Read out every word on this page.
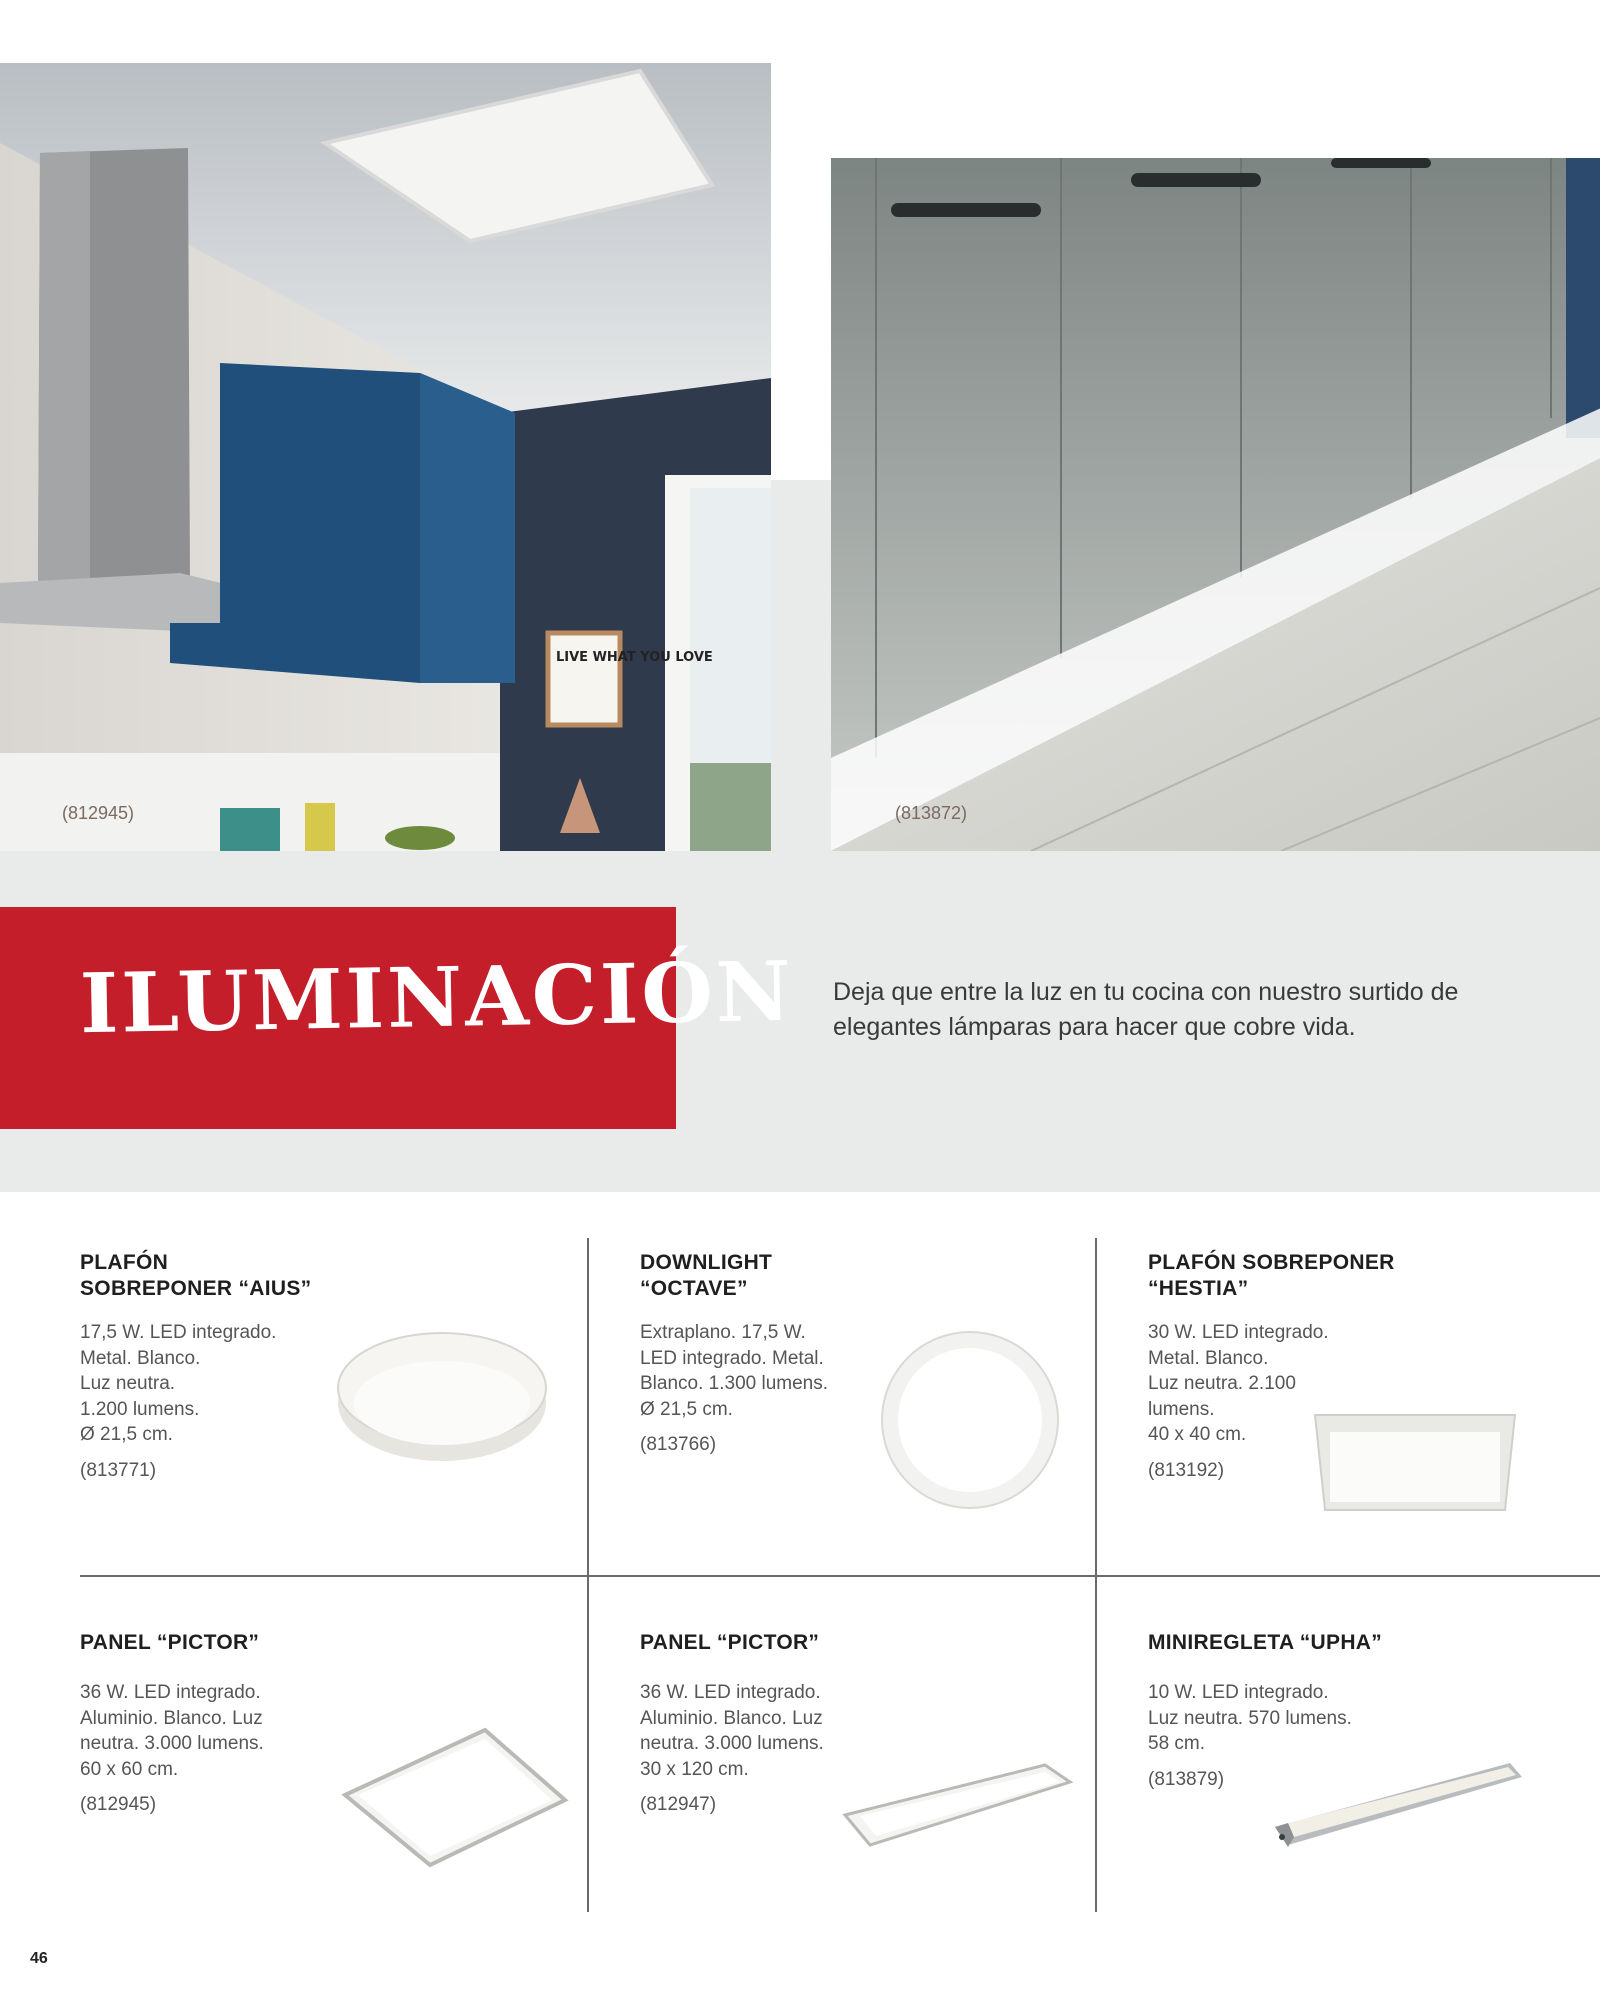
LIVE WHAT YOU LOVE
(812945)	(813872)
ILUMINACIÓN Deja que entre la luz en tu cocina con nuestro surtido de elegantes lámparas para hacer que cobre vida.
PLAFÓN
SOBREPONER “AIUS”
17,5 W. LED integrado.
Metal. Blanco.
Luz neutra.
1.200 lumens.
Ø 21,5 cm.
(813771)
DOWNLIGHT
“OCTAVE”
Extraplano. 17,5 W.
LED integrado. Metal.
Blanco. 1.300 lumens.
Ø 21,5 cm.
(813766)
PLAFÓN SOBREPONER
“HESTIA”
30 W. LED integrado.
Metal. Blanco.
Luz neutra. 2.100
lumens.
40 x 40 cm.
(813192)
PANEL “PICTOR”
36 W. LED integrado.
Aluminio. Blanco. Luz
neutra. 3.000 lumens.
60 x 60 cm.
(812945)
PANEL “PICTOR”
36 W. LED integrado.
Aluminio. Blanco. Luz
neutra. 3.000 lumens.
30 x 120 cm.
(812947)
MINIREGLETA “UPHA”
10 W. LED integrado.
Luz neutra. 570 lumens.
58 cm.
(813879)
46
